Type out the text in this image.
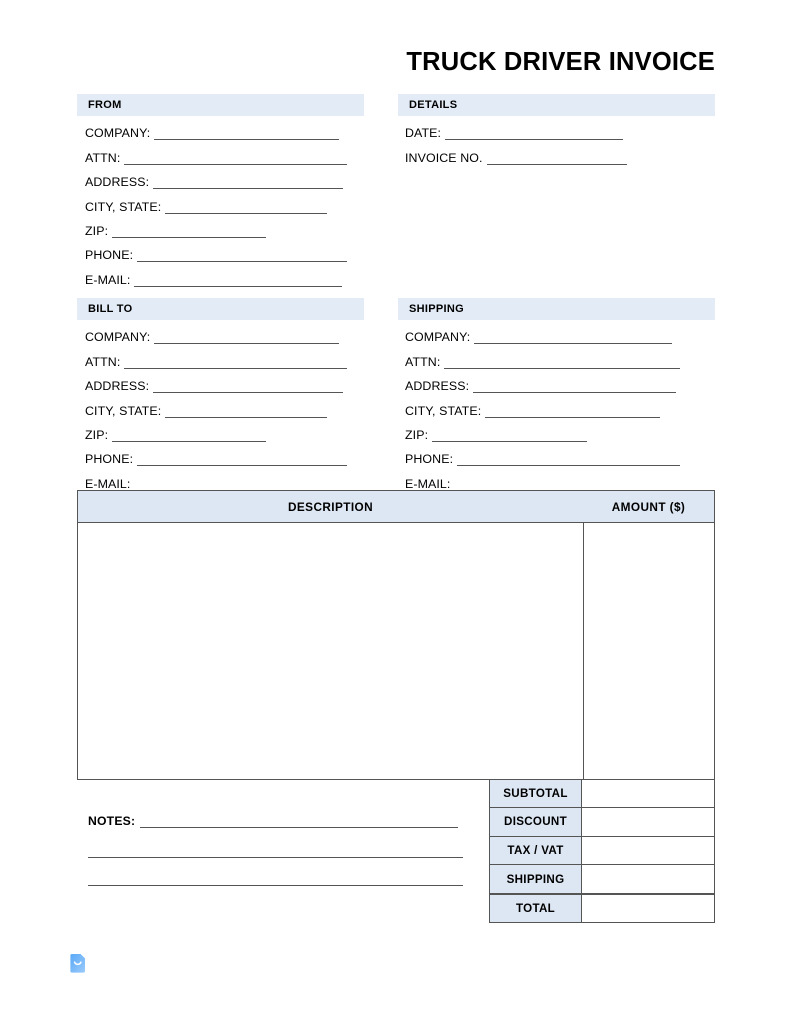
TRUCK DRIVER INVOICE
FROM
COMPANY:
ATTN:
ADDRESS:
CITY, STATE:
ZIP:
PHONE:
E-MAIL:
DETAILS
DATE:
INVOICE NO.
BILL TO
COMPANY:
ATTN:
ADDRESS:
CITY, STATE:
ZIP:
PHONE:
E-MAIL:
SHIPPING
COMPANY:
ATTN:
ADDRESS:
CITY, STATE:
ZIP:
PHONE:
E-MAIL:
DESCRIPTION	AMOUNT ($)
SUBTOTAL
DISCOUNT
TAX / VAT
SHIPPING
TOTAL
NOTES:
